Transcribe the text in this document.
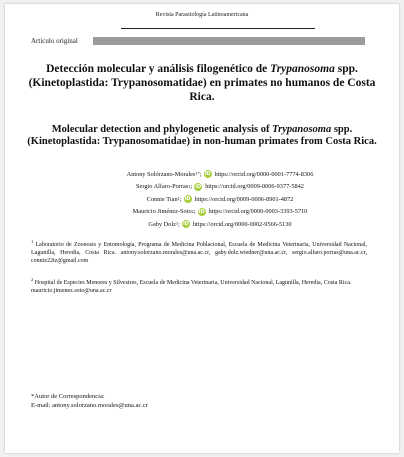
Revista Parasitología Latinoamericana
Artículo original
Detección molecular y análisis filogenético de Trypanosoma spp. (Kinetoplastida: Trypanosomatidae) en primates no humanos de Costa Rica.
Molecular detection and phylogenetic analysis of Trypanosoma spp. (Kinetoplastida: Trypanosomatidae) in non-human primates from Costa Rica.
Antony Solórzano-Morales 1* ; iD https://orcid.org/0000-0001-7774-8306
Sergio Alfaro-Porras 1 ; iD https://orcid.org/0009-0006-9377-5842
Connie Tian 1 ; iD https://orcid.org/0009-0006-8901-4872
Mauricio Jiménez-Soto 2 ; iD https://orcid.org/0000-0003-3393-5710
Gaby Dolz 1 ; iD https://orcid.org/0000-0002-9566-5130
$^1$ Laboratorio de Zoonosis y Entomología, Programa de Medicina Poblacional, Escuela de Medicina Veterinaria, Universidad Nacional, Lagunilla, Heredia, Costa Rica. antony.solorzano.morales@una.ac.cr, gaby.dolz.wiedner@una.ac.cr, sergio.alfaro.porras@una.ac.cr, connie22tz@gmail.com
$^2$ Hospital de Especies Menores y Silvestres, Escuela de Medicina Veterinaria, Universidad Nacional, Lagunilla, Heredia, Costa Rica. mauricio.jimenez.soto@una.ac.cr
*Autor de Correspondencia:
E-mail: antony.solorzano.morales@una.ac.cr
